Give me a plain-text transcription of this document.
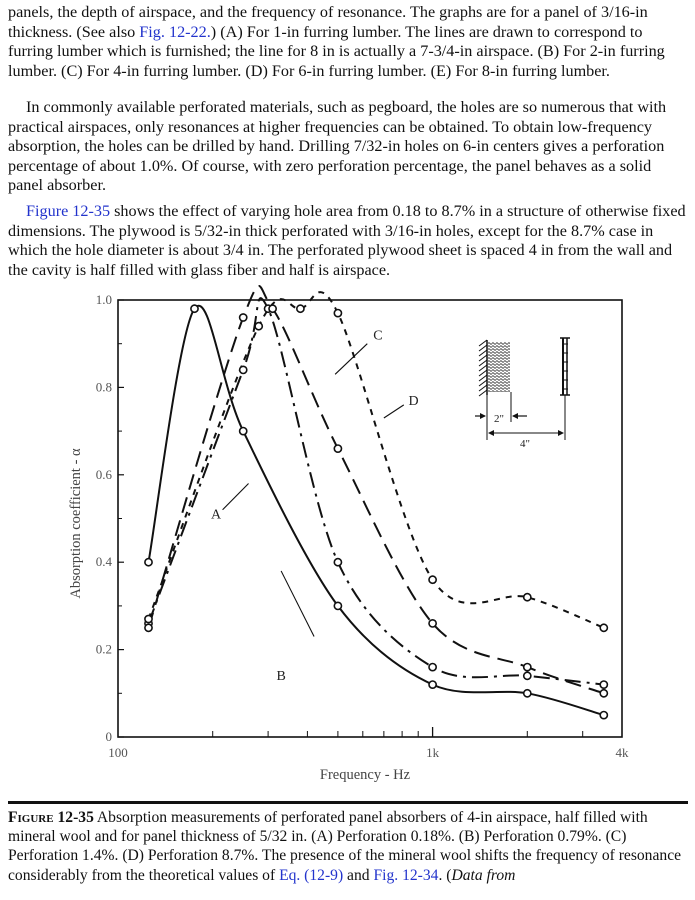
panels, the depth of airspace, and the frequency of resonance. The graphs are for a panel of 3/16-in thickness. (See also Fig. 12-22.) (A) For 1-in furring lumber. The lines are drawn to correspond to furring lumber which is furnished; the line for 8 in is actually a 7-3/4-in airspace. (B) For 2-in furring lumber. (C) For 4-in furring lumber. (D) For 6-in furring lumber. (E) For 8-in furring lumber.

In commonly available perforated materials, such as pegboard, the holes are so numerous that with practical airspaces, only resonances at higher frequencies can be obtained. To obtain low-frequency absorption, the holes can be drilled by hand. Drilling 7/32-in holes on 6-in centers gives a perforation percentage of about 1.0%. Of course, with zero perforation percentage, the panel behaves as a solid panel absorber.

Figure 12-35 shows the effect of varying hole area from 0.18 to 8.7% in a structure of otherwise fixed dimensions. The plywood is 5/32-in thick perforated with 3/16-in holes, except for the 8.7% case in which the hole diameter is about 3/4 in. The perforated plywood sheet is spaced 4 in from the wall and the cavity is half filled with glass fiber and half is airspace.

0
0.2
0.4
0.6
0.8
1.0
100	1k	4k
Frequency - Hz
Absorption coefficient - α	A
B
C
D
2"
4"

Figure 12-35 Absorption measurements of perforated panel absorbers of 4-in airspace, half filled with mineral wool and for panel thickness of 5/32 in. (A) Perforation 0.18%. (B) Perforation 0.79%. (C) Perforation 1.4%. (D) Perforation 8.7%. The presence of the mineral wool shifts the frequency of resonance considerably from the theoretical values of Eq. (12-9) and Fig. 12-34. (Data from
